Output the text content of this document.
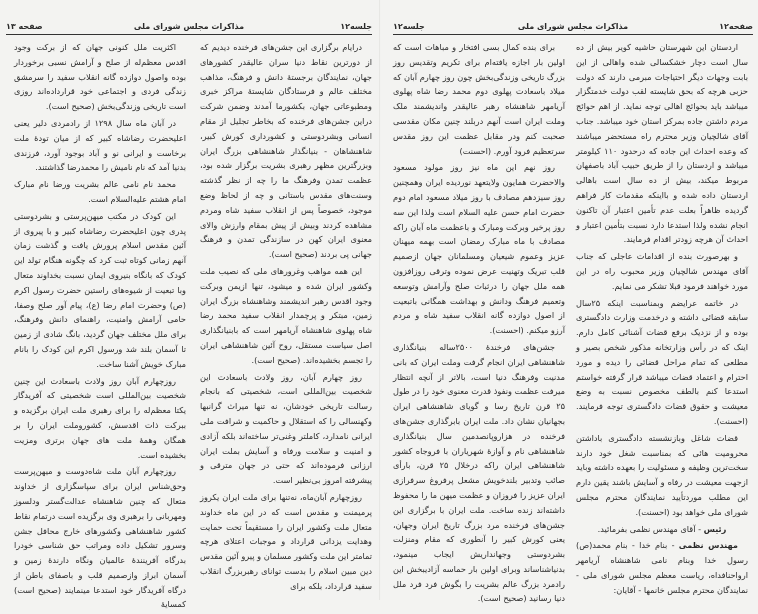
صفحه۱۲
مذاکرات مجلس شورای ملی
جلسه۱۲

اردستان این شهرستان حاشیه کویر بیش از ده سال است دچار خشکسالی شده واهالی از این بابت وجهات دیگر احتیاجات مبرمی دارند که دولت حزبی هرچه که بحق شایسته لقب دولت خدمتگزار میباشد باید بحوائج اهالی توجه نماید. از اهم حوائج مردم داشتن جاده بمرکز استان خود میباشد. جناب آقای شالچیان وزیر محترم راه مستحضر میباشند که وعده احداث این جاده که درحدود ۱۱۰ کیلومتر میباشد و اردستان را از طریق حبیب آباد باصفهان مربوط میکند، بیش از ده سال است باهالی اردستان داده شده و بااینکه مقدمات کار فراهم گردیده ظاهراً بعلت عدم تأمین اعتبار آن تاکنون انجام نشده ولذا استدعا دارد نسبت بتأمین اعتبار و احداث آن هرچه زودتر اقدام فرمایند.

و بهرصورت بنده از اقدامات عاجلی که جناب آقای مهندس شالچیان وزیر محبوب راه در این مورد خواهند فرمود قبلا تشکر می نمایم.

در خاتمه عرایضم وبمناسبت اینکه ۲۵سال سابقه قضائی داشته و درخدمت وزارت دادگستری بوده و از نزدیک برفع قضات آشنائی کامل دارم. اینک که در رأس وزارتخانه مذکور شخص بصیر و مطلعی که تمام مراحل قضائی را دیده و مورد احترام و اعتماد قضات میباشد قرار گرفته خواستم استدعا کنم بالطف مخصوص نسبت به وضع معیشت و حقوق قضات دادگستری توجه فرمایند. (احسنت).

قضات شاغل وبازنشسته دادگستری باداشتن محرومیت هائی که بمناسبت شغل خود دارند سخت‌ترین وظیفه و مسئولیت را بعهده داشته وباید ازجهت معیشت در رفاه و آسایش باشند یقین دارم این مطلب موردتأیید نمایندگان محترم مجلس شورای ملی خواهد بود (احسنت).

رئیس - آقای مهندس نظمی بفرمائید.

مهندس نظمی - بنام خدا - بنام محمد(ص) رسول خدا وبنام نامی شاهنشاه آریامهر ارواحنافداه، ریاست معظم مجلس شورای ملی - نمایندگان محترم مجلس خانمها - آقایان:

برای بنده کمال بسی افتخار و مباهات است که اولین بار اجازه یافته‌ام برای تکریم وتقدیس روز بزرگ تاریخی وزندگی‌بخش چون روز چهارم آبان که میلاد باسعادت پهلوی دوم محمد رضا شاه پهلوی آریامهر شاهنشاه رهبر عالیقدر واندیشمند ملک وملت ایران است آنهم دربلند چنین مکان مقدسی صحبت کنم ودر مقابل عظمت این روز مقدس سرتعظیم فرود آورم. (احسنت)

روز نهم این ماه نیز روز مولود مسعود والاحضرت همایون ولایتعهد نوردیده ایران وهمچنین روز سیزدهم مصادف با روز میلاد مسعود امام دوم حضرت امام حسن علیه السلام است ولذا این سه روز پرخیر وبرکت ومبارک و باعظمت ماه آبان راکه مصادف با ماه مبارک رمضان است بهمه میهنان عزیز وعموم شیعیان ومسلمانان جهان ازصمیم قلب تبریک وتهنیت عرض نموده وترقی روزافزون همه ملل جهان را درثبات صلح وآرامش وتوسعه وتعمیم فرهنگ ودانش و بهداشت همگانی باتبعیت از اصول دوازده گانه انقلاب سفید شاه و مردم آرزو میکنم. (احسنت).

جشن‌های فرخندهٔ ۲۵۰۰ساله بنیانگذاری شاهنشاهی ایران انجام گرفت وملت ایران که بانی مدنیت وفرهنگ دنیا است، بالاتر از آنچه انتظار میرفت عظمت ونفوذ قدرت معنوی خود را در طول ۲۵ قرن تاریخ رسا و گویای شاهنشاهی ایران بجهانیان نشان داد. ملت ایران بابرگذاری جشن‌های فرخنده در هزاروپانصدمین سال بنیانگذاری شاهنشاهی نام و آوازهٔ شهریاران با فروجاه کشور شاهنشاهی ایران راکه درخلال ۲۵ قرن، بارأی صائب وتدبیر بلندخویش مشعل پرفروغ سرفرازی ایران عزیز را فروزان و عظمت میهن ما را محفوظ داشته‌اند زنده ساخت. ملت ایران با برگزاری این جشن‌های فرخنده مرد بزرگ تاریخ ایران وجهان، یعنی کورش کبیر را آنطوری که مقام ومنزلت بشردوستی وجهانداریش ایجاب مینمود، بدنیاشناساند وبرای اولین بار حماسه آزادیبخش این رادمرد بزرگ عالم بشریت را بگوش فرد فرد ملل دنیا رسانید (صحیح است).

جلسه۱۲
مذاکرات مجلس شورای ملی
صفحه ۱۳

درایام برگزاری این جشن‌های فرخنده دیدیم که از دورترین نقاط دنیا سران عالیقدر کشورهای جهان، نمایندگان برجستهٔ دانش و فرهنگ، مذاهب مختلف عالم و فرستادگان شایستهٔ مراکز خبری ومطبوعاتی جهان، بکشورما آمدند وضمن شرکت دراین جشن‌های فرخنده که بخاطر تجلیل از مقام انسانی وبشردوستی و کشورداری کورش کبیر، شاهنشاهان - بنیانگذار شاهنشاهی بزرگ ایران وبزرگترین مظهر رهبری بشریت برگزار شده بود، عظمت تمدن وفرهنگ ما را چه از نظر گذشته وسنت‌های مقدس باستانی و چه از لحاظ وضع موجود، خصوصاً پس از انقلاب سفید شاه ومردم مشاهده کردند وبیش از پیش بمقام وارزش والای معنوی ایران کهن در سازندگی تمدن و فرهنگ جهانی پی بردند (صحیح است).

این همه مواهب وغرورهای ملی که نصیب ملت وکشور ایران شده و میشود، تنها ازیمن وبرکت وجود اقدس رهبر اندیشمند وشاهنشاه بزرگ ایران زمین، مبتکر و پرچمدار انقلاب سفید محمد رضا شاه پهلوی شاهنشاه آریامهر است که بابنیانگذاری اصل سیاست مستقل، روح آئین شاهنشاهی ایران را تجسم بخشیده‌اند. (صحیح است).

روز چهارم آبان، روز ولادت باسعادت این شخصیت بین‌المللی است، شخصیتی که بانجام رسالت تاریخی خودشان، نه تنها میراث گرانبها وکهنسالی را که استقلال و حاکمیت و شرافت ملی ایرانی نامدارد، کاملتر وغنی‌تر ساخته‌اند بلکه آزادی و امنیت و سلامت ورفاه و آسایش بملت ایران ارزانی فرموده‌اند که حتی در جهان مترقی و پیشرفته امروز بی‌نظیر است.

روزچهارم آبان‌ماه، نه‌تنها برای ملت ایران یکروز پرمیمنت و مقدس است که در این ماه خداوند متعال ملت وکشور ایران را مستقیماً تحت حمایت وهدایت یزدانی قرارداد و موجبات اعتلای هرچه تمامتر این ملت وکشور مسلمان و پیرو آئین مقدس دین مبین اسلام را بدست توانای رهبربزرگ انقلاب سفید قرارداد، بلکه برای

اکثریت ملل کنونی جهان که از برکت وجود اقدس معظم‌له از صلح و آرامش نسبی برخوردار بوده واصول دوازده گانه انقلاب سفید را سرمشق زندگی فردی و اجتماعی خود قرارداده‌اند روزی است تاریخی وزندگی‌بخش (صحیح است).

در آبان ماه سال ۱۲۹۸ از رادمردی دلیر یعنی اعلیحضرت رضاشاه کبیر که از میان تودهٔ ملت برخاست و ایرانی نو و آباد بوجود آورد، فرزندی بدنیا آمد که نام نامیش را محمدرضا گذاشتند.

محمد نام نامی عالم بشریت ورضا نام مبارک امام هشتم علیه‌السلام است.

این کودک در مکتب میهن‌پرستی و بشردوستی پدری چون اعلیحضرت رضاشاه کبیر و با پیروی از آئین مقدس اسلام پرورش یافت و گذشت زمان آنهم زمانی کوتاه ثبت کرد که چگونه هنگام تولد این کودک که بانگاه بنیروی ایمان نسبت بخداوند متعال وبا تبعیت از شیوه‌های راستین حضرت رسول اکرم (ص) وحضرت امام رضا (ع)، پیام آور صلح وصفا، حامی آرامش وامنیت، راهنمای دانش وفرهنگ، برای ملل مختلف جهان گردید، بانگ شادی از زمین تا آسمان بلند شد ورسول اکرم این کودک را بانام مبارک خویش آشنا ساخت.

روزچهارم آبان روز ولادت باسعادت این چنین شخصیت بین‌المللی است شخصیتی که آفریدگار یکتا معظم‌له را برای رهبری ملت ایران برگزیده و ببرکت ذات اقدسش، کشوروملت ایران را بر همگان وهمهٔ ملت های جهان برتری ومزیت بخشیده است.

روزچهارم آبان ملت شاه‌دوست و میهن‌پرست وحق‌شناس ایران برای سپاسگزاری از خداوند متعال که چنین شاهنشاه عدالت‌گستر ودلسوز ومهربانی را برهبری وی برگزیده است درتمام نقاط کشور شاهنشاهی وکشورهای خارج محافل جشن وسرور تشکیل داده ومراتب حق شناسی خودرا بدرگاه آفرینندهٔ عالمیان ونگاه دارندهٔ زمین و آسمان ابراز وازصمیم قلب و باصفای باطن از درگاه آفریدگار خود استدعا مینمایند (صحیح است) کمسایهٔ
